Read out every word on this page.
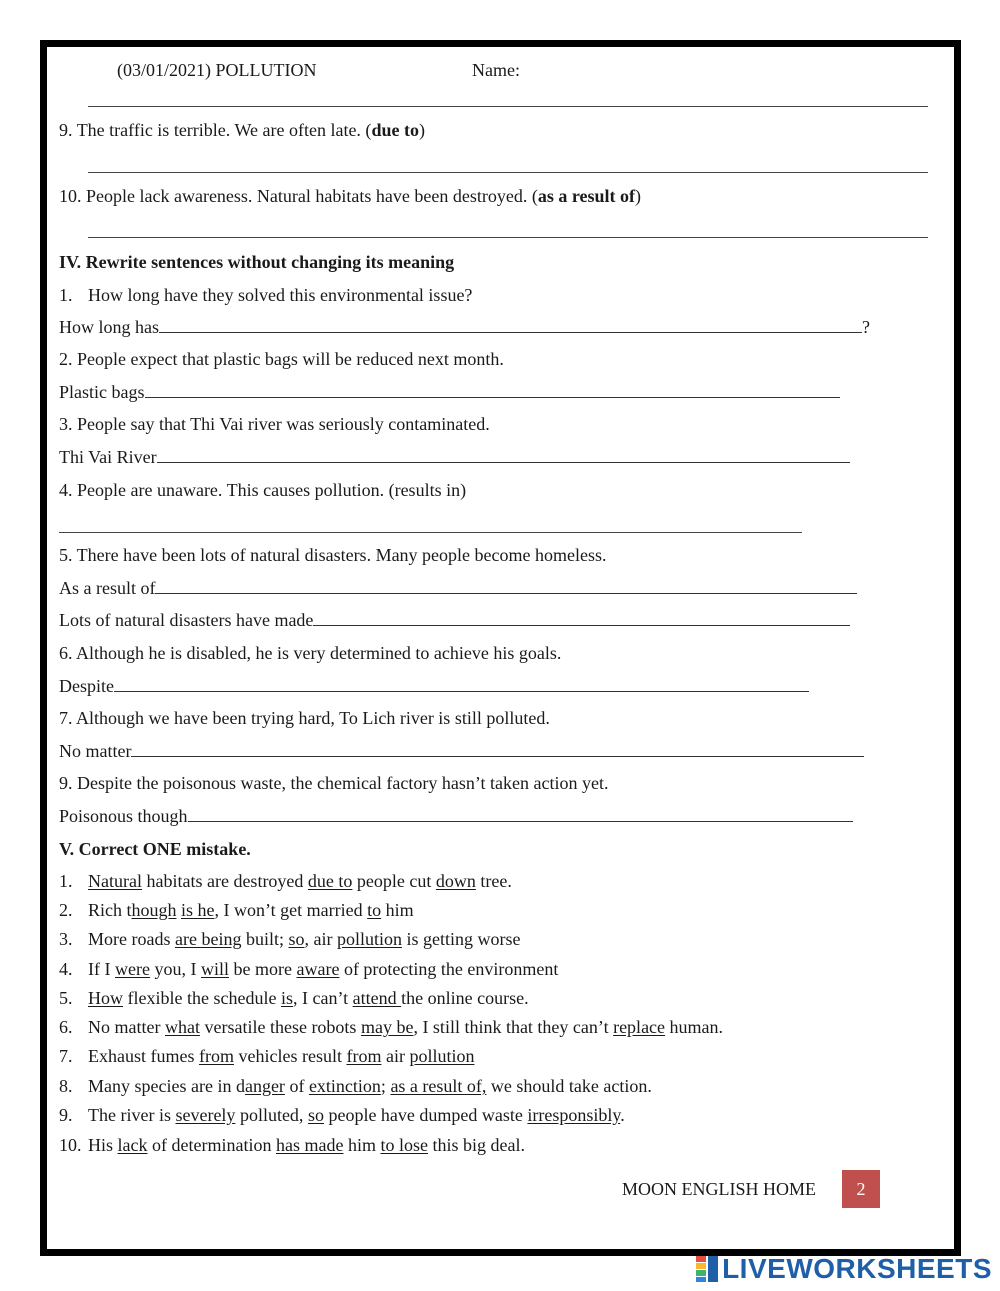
(03/01/2021) POLLUTION	Name:
9. The traffic is terrible. We are often late. (due to)
10. People lack awareness. Natural habitats have been destroyed. (as a result of)
IV. Rewrite sentences without changing its meaning
1. How long have they solved this environmental issue?
How long has	?
2. People expect that plastic bags will be reduced next month.
Plastic bags
3. People say that Thi Vai river was seriously contaminated.
Thi Vai River
4. People are unaware. This causes pollution. (results in)
5. There have been lots of natural disasters. Many people become homeless.
As a result of
Lots of natural disasters have made
6. Although he is disabled, he is very determined to achieve his goals.
Despite
7. Although we have been trying hard, To Lich river is still polluted.
No matter
9. Despite the poisonous waste, the chemical factory hasn’t taken action yet.
Poisonous though
V. Correct ONE mistake.
1. Natural habitats are destroyed due to people cut down tree.
2. Rich though is he, I won’t get married to him
3. More roads are being built; so, air pollution is getting worse
4. If I were you, I will be more aware of protecting the environment
5. How flexible the schedule is, I can’t attend the online course.
6. No matter what versatile these robots may be, I still think that they can’t replace human.
7. Exhaust fumes from vehicles result from air pollution
8. Many species are in danger of extinction; as a result of, we should take action.
9. The river is severely polluted, so people have dumped waste irresponsibly.
10. His lack of determination has made him to lose this big deal.
MOON ENGLISH HOME	2
LIVEWORKSHEETS
